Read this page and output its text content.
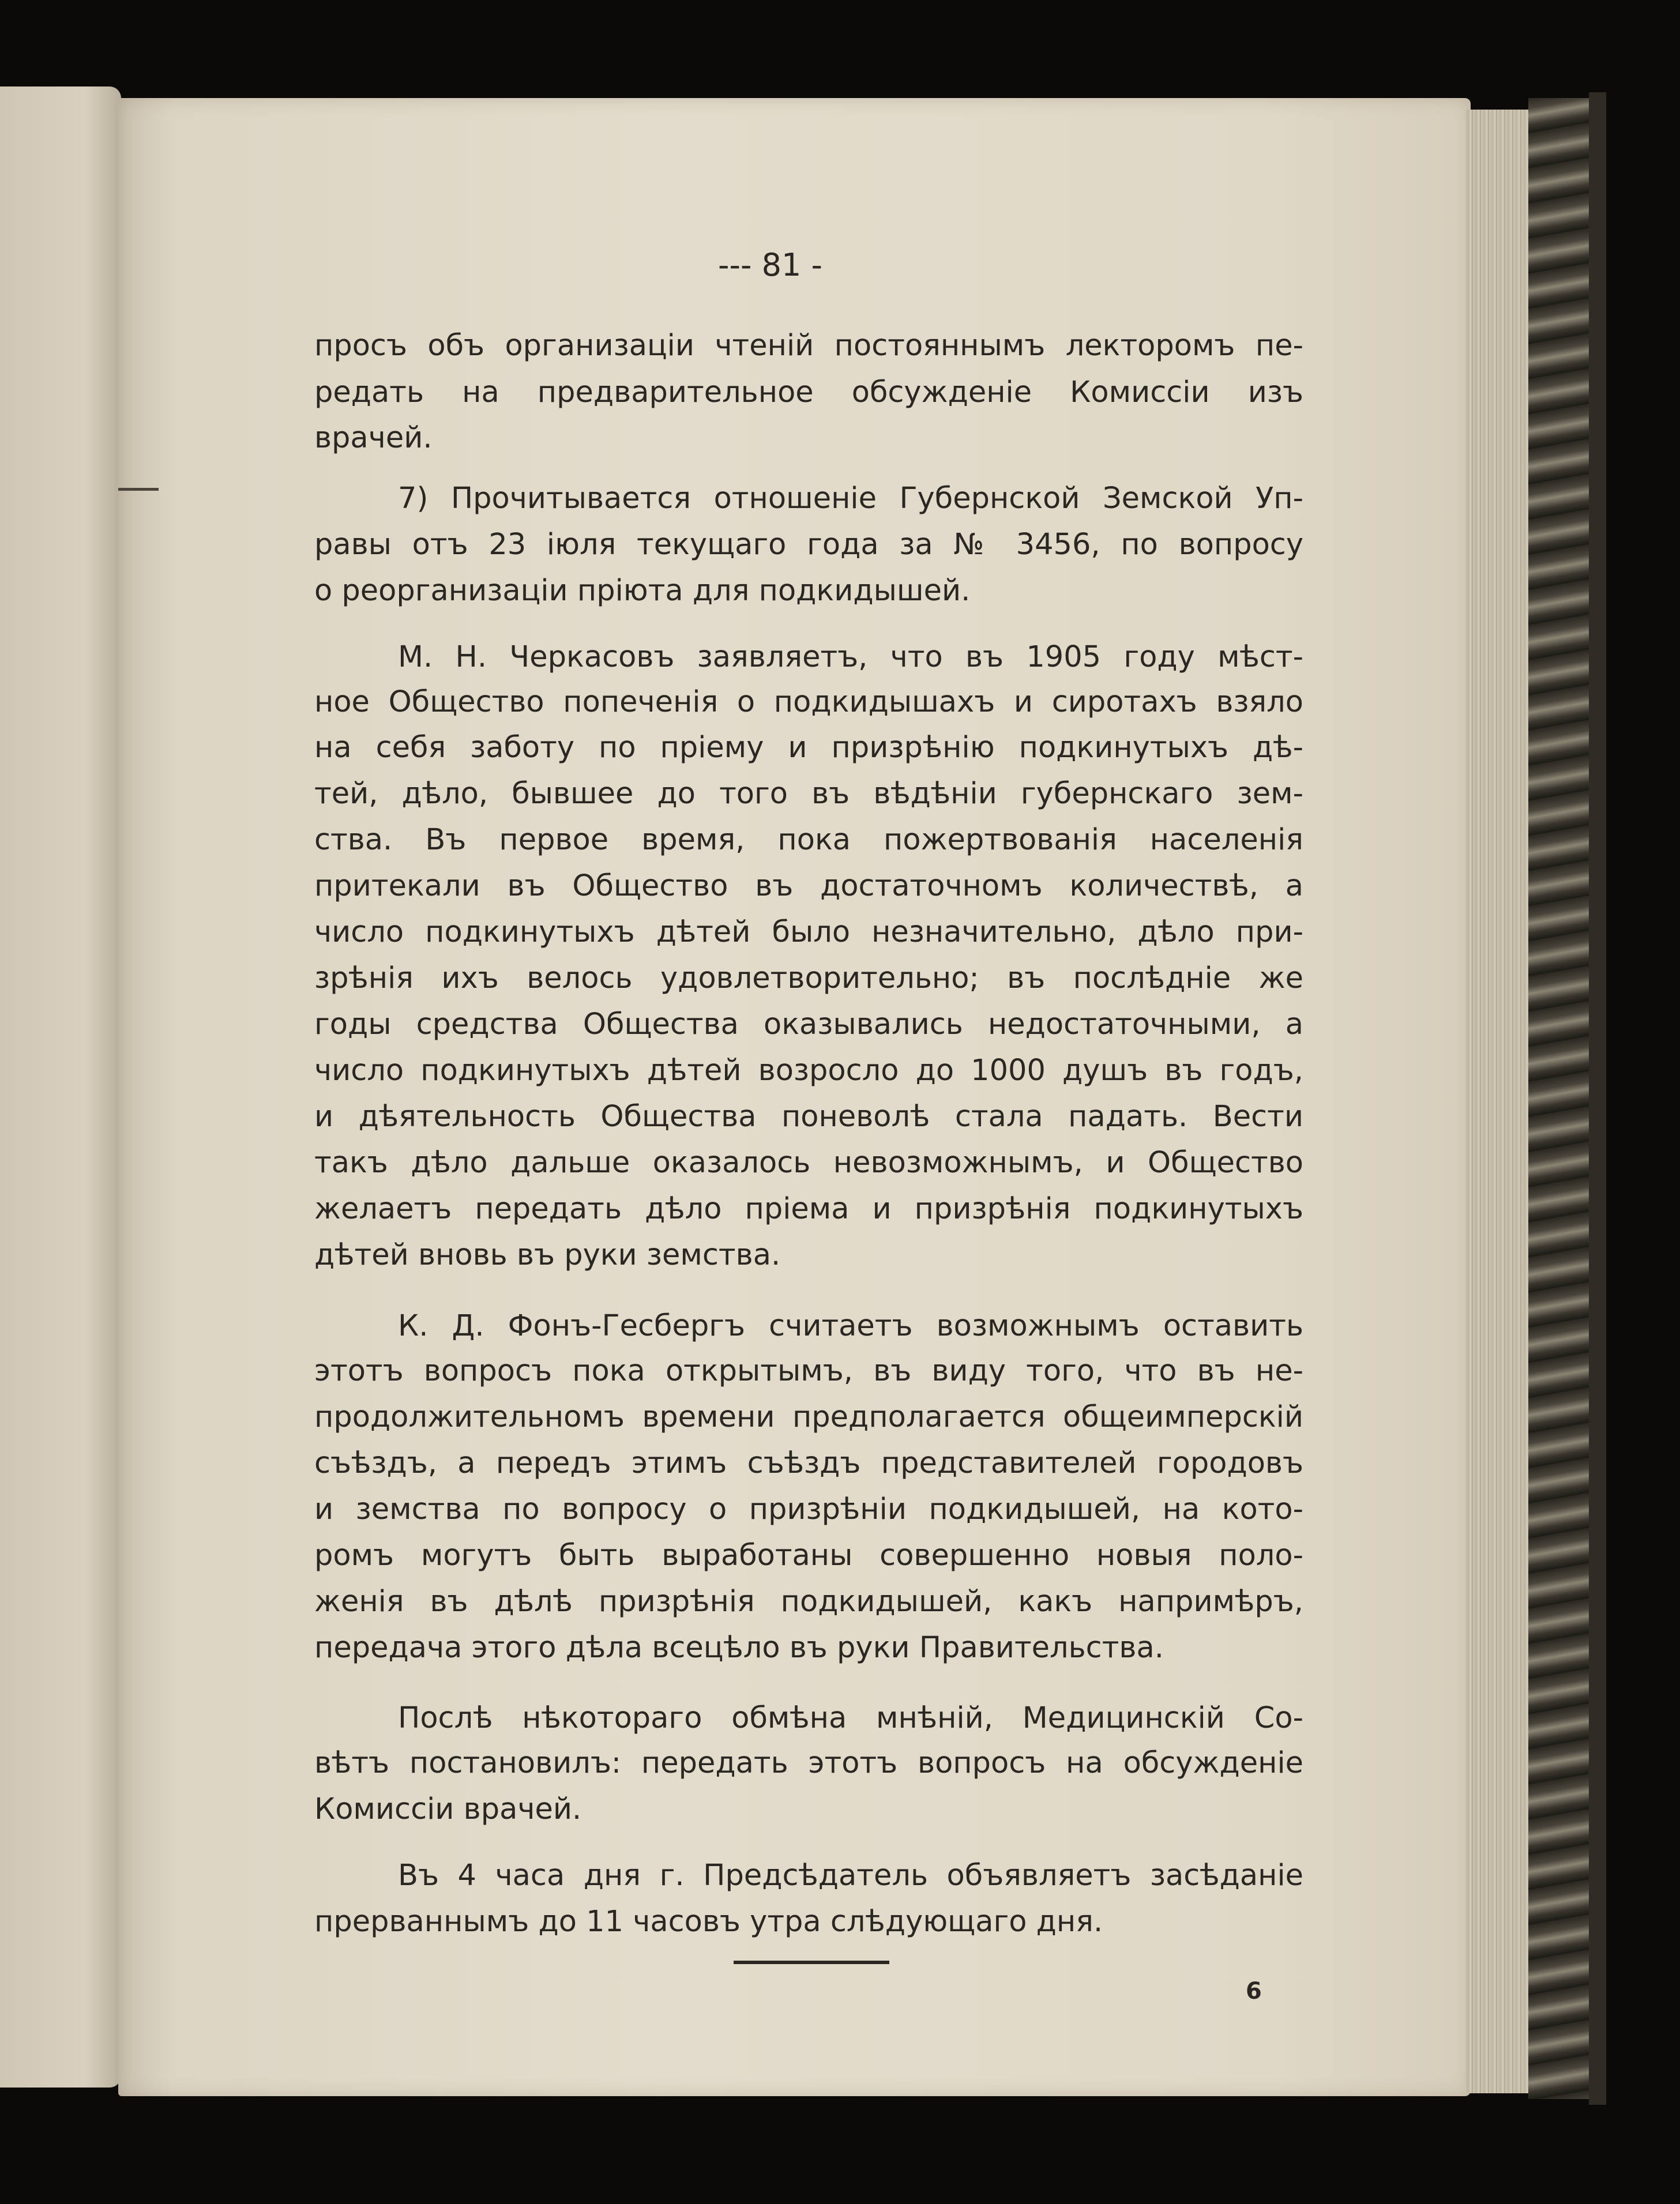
--- 81 -
просъ объ организацiи чтенiй постояннымъ лекторомъ пе-
редать на предварительное обсужденiе Комиссiи изъ
врачей.
7) Прочитывается отношенiе Губернской Земской Уп-
равы отъ 23 iюля текущаго года за № 3456, по вопросу
о реорганизацiи прiюта для подкидышей.
М. Н. Черкасовъ заявляетъ, что въ 1905 году мѣст-
ное Общество попеченiя о подкидышахъ и сиротахъ взяло
на себя заботу по прiему и призрѣнiю подкинутыхъ дѣ-
тей, дѣло, бывшее до того въ вѣдѣнiи губернскаго зем-
ства. Въ первое время, пока пожертвованiя населенiя
притекали въ Общество въ достаточномъ количествѣ, а
число подкинутыхъ дѣтей было незначительно, дѣло при-
зрѣнiя ихъ велось удовлетворительно; въ послѣднiе же
годы средства Общества оказывались недостаточными, а
число подкинутыхъ дѣтей возросло до 1000 душъ въ годъ,
и дѣятельность Общества поневолѣ стала падать. Вести
такъ дѣло дальше оказалось невозможнымъ, и Общество
желаетъ передать дѣло прiема и призрѣнiя подкинутыхъ
дѣтей вновь въ руки земства.
К. Д. Фонъ-Гесбергъ считаетъ возможнымъ оставить
этотъ вопросъ пока открытымъ, въ виду того, что въ не-
продолжительномъ времени предполагается общеимперскiй
съѣздъ, а передъ этимъ съѣздъ представителей городовъ
и земства по вопросу о призрѣнiи подкидышей, на кото-
ромъ могутъ быть выработаны совершенно новыя поло-
женiя въ дѣлѣ призрѣнiя подкидышей, какъ напримѣръ,
передача этого дѣла всецѣло въ руки Правительства.
Послѣ нѣкотораго обмѣна мнѣнiй, Медицинскiй Со-
вѣтъ постановилъ: передать этотъ вопросъ на обсужденiе
Комиссiи врачей.
Въ 4 часа дня г. Предсѣдатель объявляетъ засѣданiе
прерваннымъ до 11 часовъ утра слѣдующаго дня.
6
